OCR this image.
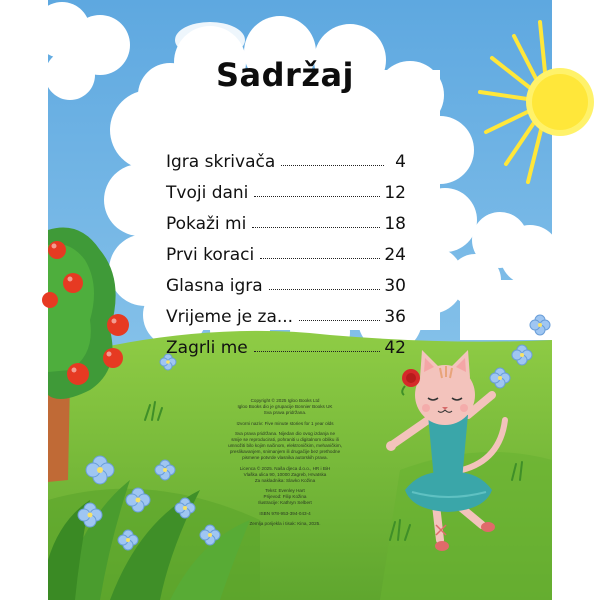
Sadržaj
Igra skrivača	4
Tvoji dani	12
Pokaži mi	18
Prvi koraci	24
Glasna igra	30
Vrijeme je za...	36
Zagrli me	42

Copyright © 2025 Igloo Books Ltd
Igloo Books dio je grupacije Bonnier Books UK
Sva prava pridržana.

Izvorni naziv: Five minute stories for 1 year olds

Sva prava pridržana. Nijedan dio ovog izdanja ne
smije se reproducirati, pohraniti u digitalnom obliku ili
umnožiti bilo kojim načinom, elektroničkim, mehaničkim,
preslikavanjem, snimanjem ili drugačije bez prethodne
pismene potvrde vlasnika autorskih prava.

Licenca © 2025. Naša djeca d.o.o., HR i BiH
Vlaška ulica 90, 10000 Zagreb, Hrvatska
Za nakladnika: Slavko Kožina

Tekst: Evenley Hart
Prijevod: Filip Kožina
Ilustracije: Kathryn Selbert

ISBN 978-953-394-043-4

Zemlja porijekla i tisak: Kina, 2025.
